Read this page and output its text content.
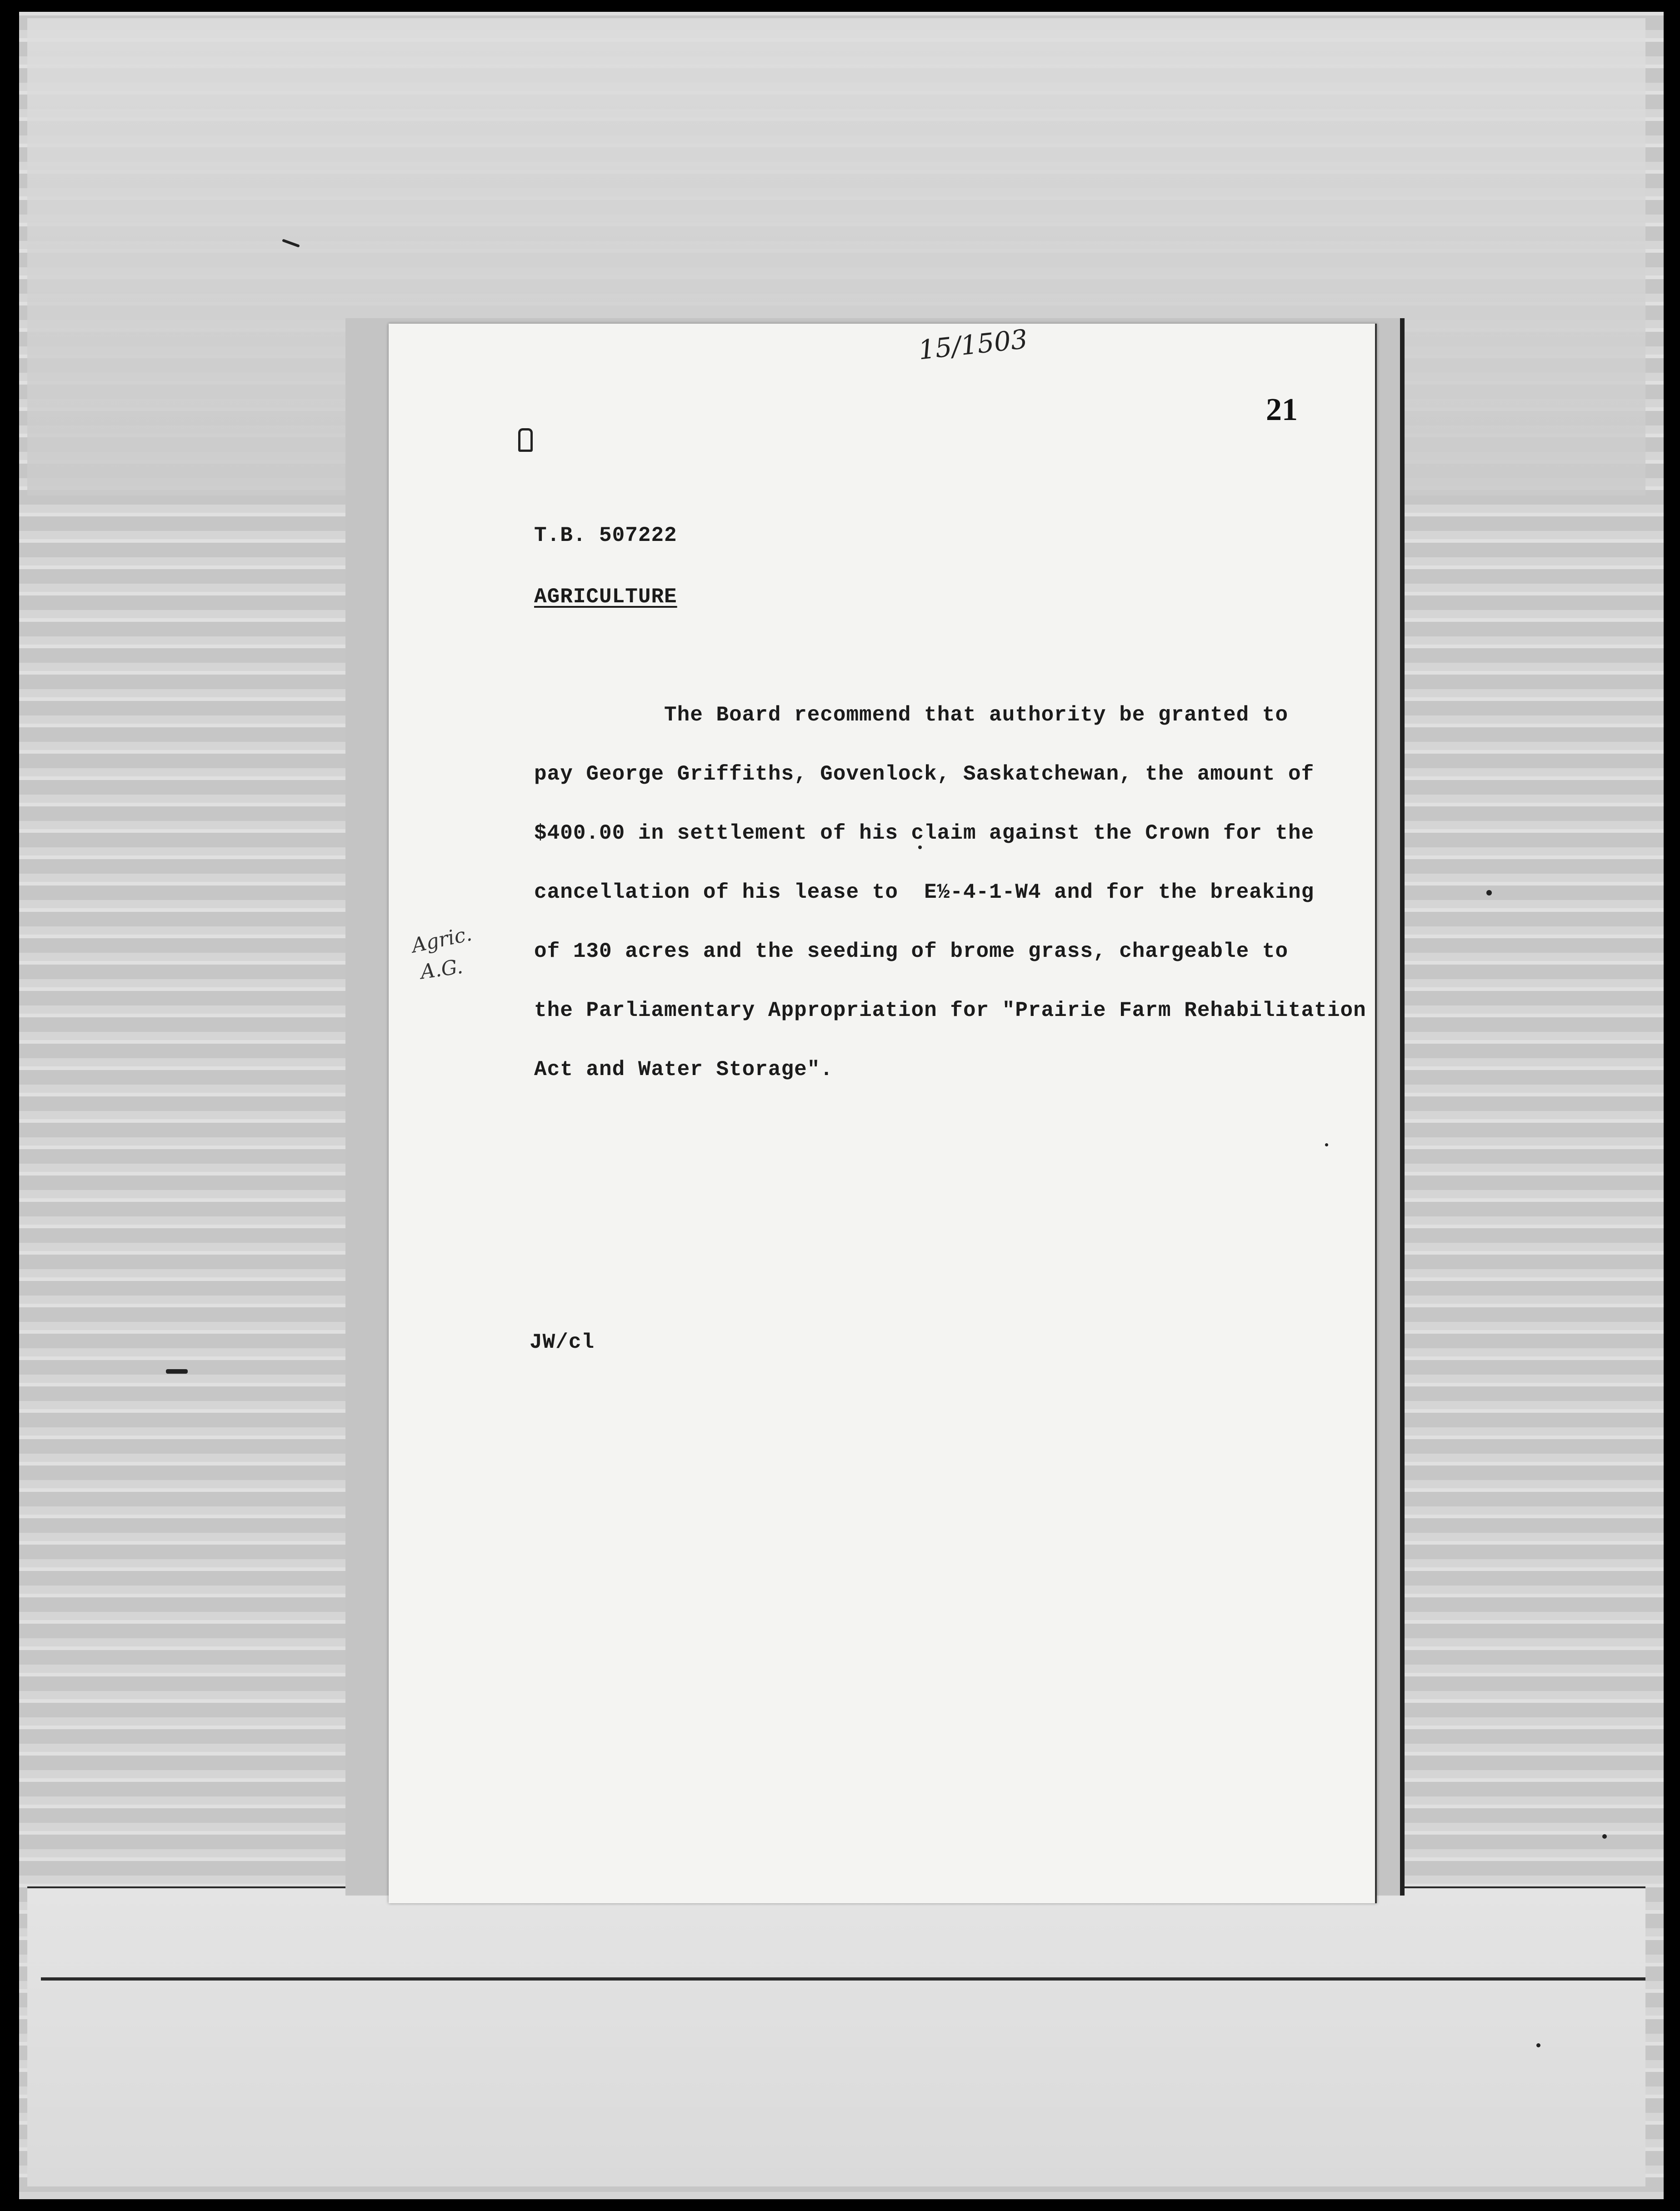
15/1503
21
T.B. 507222
AGRICULTURE
The Board recommend that authority be granted to
pay George Griffiths, Govenlock, Saskatchewan, the amount of
$400.00 in settlement of his claim against the Crown for the
cancellation of his lease to  E½-4-1-W4 and for the breaking
of 130 acres and the seeding of brome grass, chargeable to
the Parliamentary Appropriation for "Prairie Farm Rehabilitation
Act and Water Storage".
Agric.
A.G.
JW/cl
